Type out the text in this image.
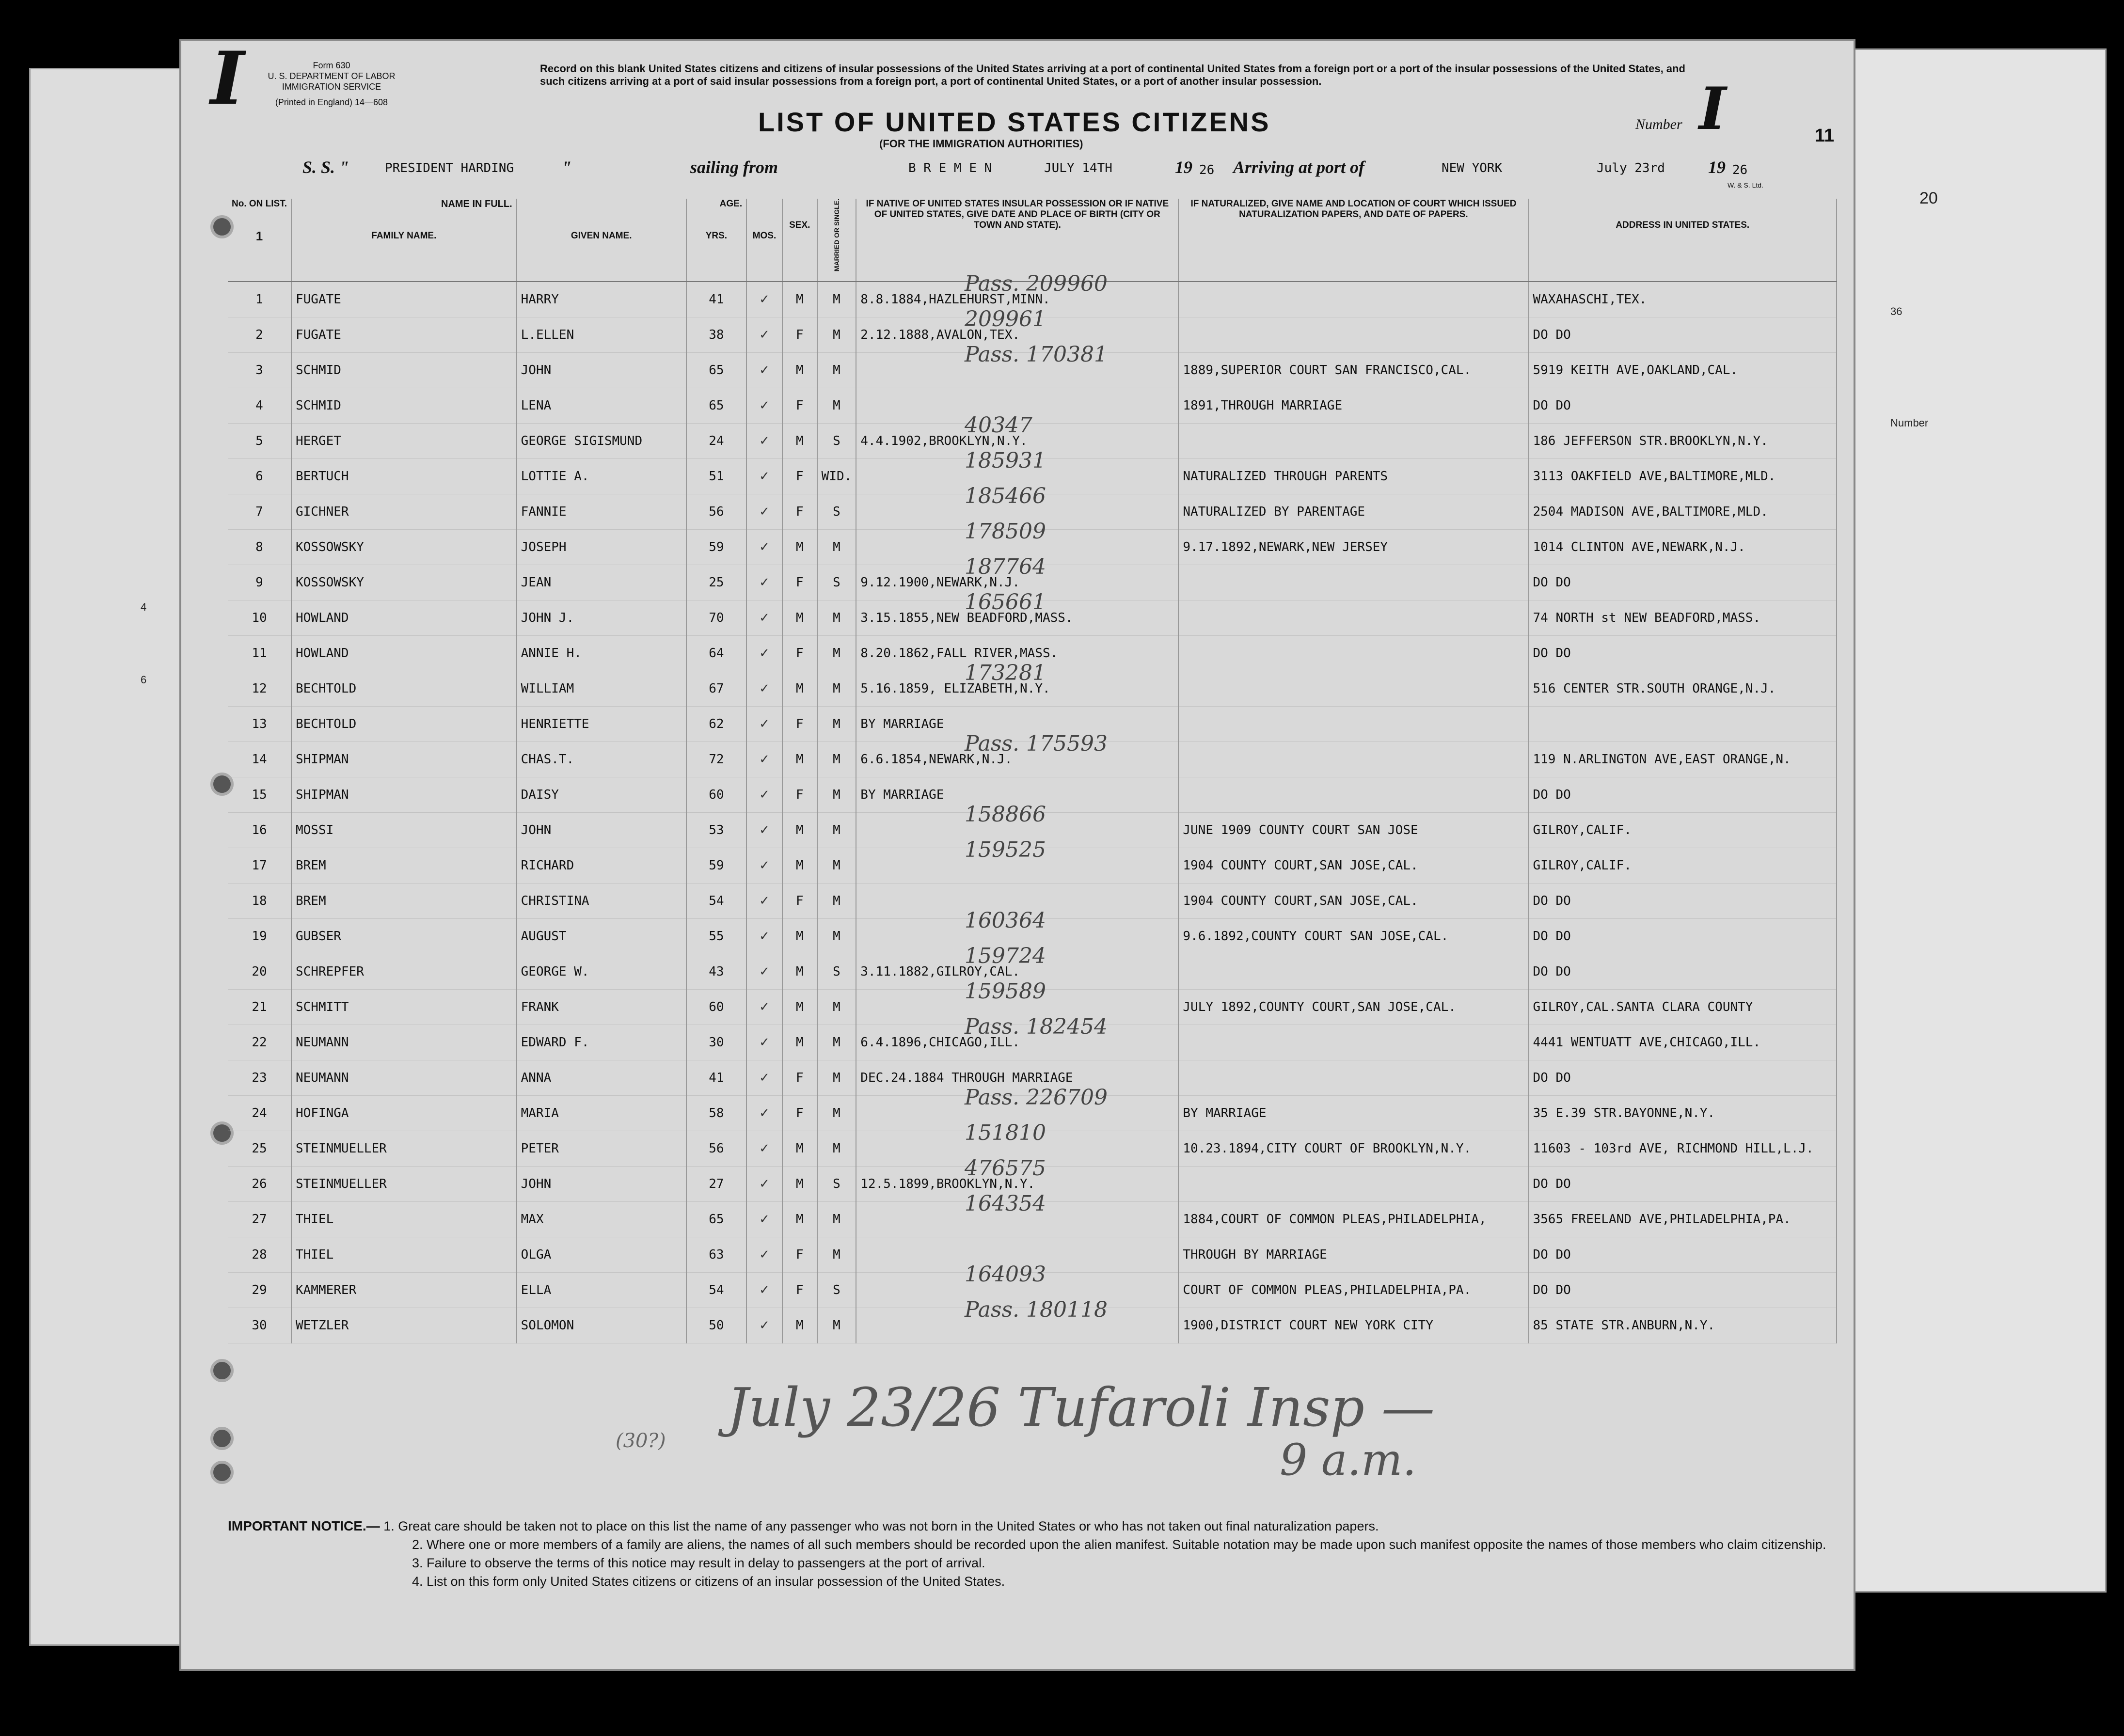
20
36
Number
4
6
I	Form 630
U. S. DEPARTMENT OF LABOR
IMMIGRATION SERVICE
(Printed in England) 14—608
Record on this blank United States citizens and citizens of insular possessions of the United States arriving at a port of continental United States from a foreign port or a port of the insular possessions of the United States, and such citizens arriving at a port of said insular possessions from a foreign port, a port of continental United States, or a port of another insular possession.
Number I
LIST OF UNITED STATES CITIZENS
(FOR THE IMMIGRATION AUTHORITIES)	11
S. S. "	PRESIDENT HARDING	"	sailing from	B R E M E N	JULY 14TH	19 26 Arriving at port of	NEW YORK	July 23rd 19 26
W. & S. Ltd.
No. ON LIST.

1	NAME IN FULL.

FAMILY NAME.	GIVEN NAME.	AGE.

YRS.	MOS.	SEX.	MARRIED OR SINGLE.	IF NATIVE OF UNITED STATES INSULAR POSSESSION OR IF NATIVE OF UNITED STATES, GIVE DATE AND PLACE OF BIRTH (CITY OR TOWN AND STATE).	IF NATURALIZED, GIVE NAME AND LOCATION OF COURT WHICH ISSUED NATURALIZATION PAPERS, AND DATE OF PAPERS.	ADDRESS IN UNITED STATES.
1	FUGATE	HARRY	41	✓	M	M	8.8.1884,HAZLEHURST,MINN.		WAXAHASCHI,TEX.
2	FUGATE	L.ELLEN	38	✓	F	M	2.12.1888,AVALON,TEX.		DO DO
3	SCHMID	JOHN	65	✓	M	M		1889,SUPERIOR COURT SAN FRANCISCO,CAL.	5919 KEITH AVE,OAKLAND,CAL.
4	SCHMID	LENA	65	✓	F	M		1891,THROUGH MARRIAGE	DO DO
5	HERGET	GEORGE SIGISMUND	24	✓	M	S	4.4.1902,BROOKLYN,N.Y.		186 JEFFERSON STR.BROOKLYN,N.Y.
6	BERTUCH	LOTTIE A.	51	✓	F	WID.		NATURALIZED THROUGH PARENTS	3113 OAKFIELD AVE,BALTIMORE,MLD.
7	GICHNER	FANNIE	56	✓	F	S		NATURALIZED BY PARENTAGE	2504 MADISON AVE,BALTIMORE,MLD.
8	KOSSOWSKY	JOSEPH	59	✓	M	M		9.17.1892,NEWARK,NEW JERSEY	1014 CLINTON AVE,NEWARK,N.J.
9	KOSSOWSKY	JEAN	25	✓	F	S	9.12.1900,NEWARK,N.J.		DO DO
10	HOWLAND	JOHN J.	70	✓	M	M	3.15.1855,NEW BEADFORD,MASS.		74 NORTH st NEW BEADFORD,MASS.
11	HOWLAND	ANNIE H.	64	✓	F	M	8.20.1862,FALL RIVER,MASS.		DO DO
12	BECHTOLD	WILLIAM	67	✓	M	M	5.16.1859, ELIZABETH,N.Y.		516 CENTER STR.SOUTH ORANGE,N.J.
13	BECHTOLD	HENRIETTE	62	✓	F	M	BY MARRIAGE		
14	SHIPMAN	CHAS.T.	72	✓	M	M	6.6.1854,NEWARK,N.J.		119 N.ARLINGTON AVE,EAST ORANGE,N.
15	SHIPMAN	DAISY	60	✓	F	M	BY MARRIAGE		DO DO
16	MOSSI	JOHN	53	✓	M	M		JUNE 1909 COUNTY COURT SAN JOSE	GILROY,CALIF.
17	BREM	RICHARD	59	✓	M	M		1904 COUNTY COURT,SAN JOSE,CAL.	GILROY,CALIF.
18	BREM	CHRISTINA	54	✓	F	M		1904 COUNTY COURT,SAN JOSE,CAL.	DO DO
19	GUBSER	AUGUST	55	✓	M	M		9.6.1892,COUNTY COURT SAN JOSE,CAL.	DO DO
20	SCHREPFER	GEORGE W.	43	✓	M	S	3.11.1882,GILROY,CAL.		DO DO
21	SCHMITT	FRANK	60	✓	M	M		JULY 1892,COUNTY COURT,SAN JOSE,CAL.	GILROY,CAL.SANTA CLARA COUNTY
22	NEUMANN	EDWARD F.	30	✓	M	M	6.4.1896,CHICAGO,ILL.		4441 WENTUATT AVE,CHICAGO,ILL.
23	NEUMANN	ANNA	41	✓	F	M	DEC.24.1884 THROUGH MARRIAGE		DO DO
24	HOFINGA	MARIA	58	✓	F	M		BY MARRIAGE	35 E.39 STR.BAYONNE,N.Y.
25	STEINMUELLER	PETER	56	✓	M	M		10.23.1894,CITY COURT OF BROOKLYN,N.Y.	11603 - 103rd AVE, RICHMOND HILL,L.J.
26	STEINMUELLER	JOHN	27	✓	M	S	12.5.1899,BROOKLYN,N.Y.		DO DO
27	THIEL	MAX	65	✓	M	M		1884,COURT OF COMMON PLEAS,PHILADELPHIA,	3565 FREELAND AVE,PHILADELPHIA,PA.
28	THIEL	OLGA	63	✓	F	M		THROUGH BY MARRIAGE	DO DO
29	KAMMERER	ELLA	54	✓	F	S		COURT OF COMMON PLEAS,PHILADELPHIA,PA.	DO DO
30	WETZLER	SOLOMON	50	✓	M	M		1900,DISTRICT COURT NEW YORK CITY	85 STATE STR.ANBURN,N.Y.
July 23/26 Tufaroli Insp —
9 a.m.
(30?)
IMPORTANT NOTICE.— 1. Great care should be taken not to place on this list the name of any passenger who was not born in the United States or who has not taken out final naturalization papers.
2. Where one or more members of a family are aliens, the names of all such members should be recorded upon the alien manifest. Suitable notation may be made upon such manifest opposite the names of those members who claim citizenship.
3. Failure to observe the terms of this notice may result in delay to passengers at the port of arrival.
4. List on this form only United States citizens or citizens of an insular possession of the United States.
Pass. 209960
209961
Pass. 170381
40347
185931
185466
178509
187764
165661
173281
Pass. 175593
158866
159525
160364
159724
159589
Pass. 182454
Pass. 226709
151810
476575
164354
164093
Pass. 180118
